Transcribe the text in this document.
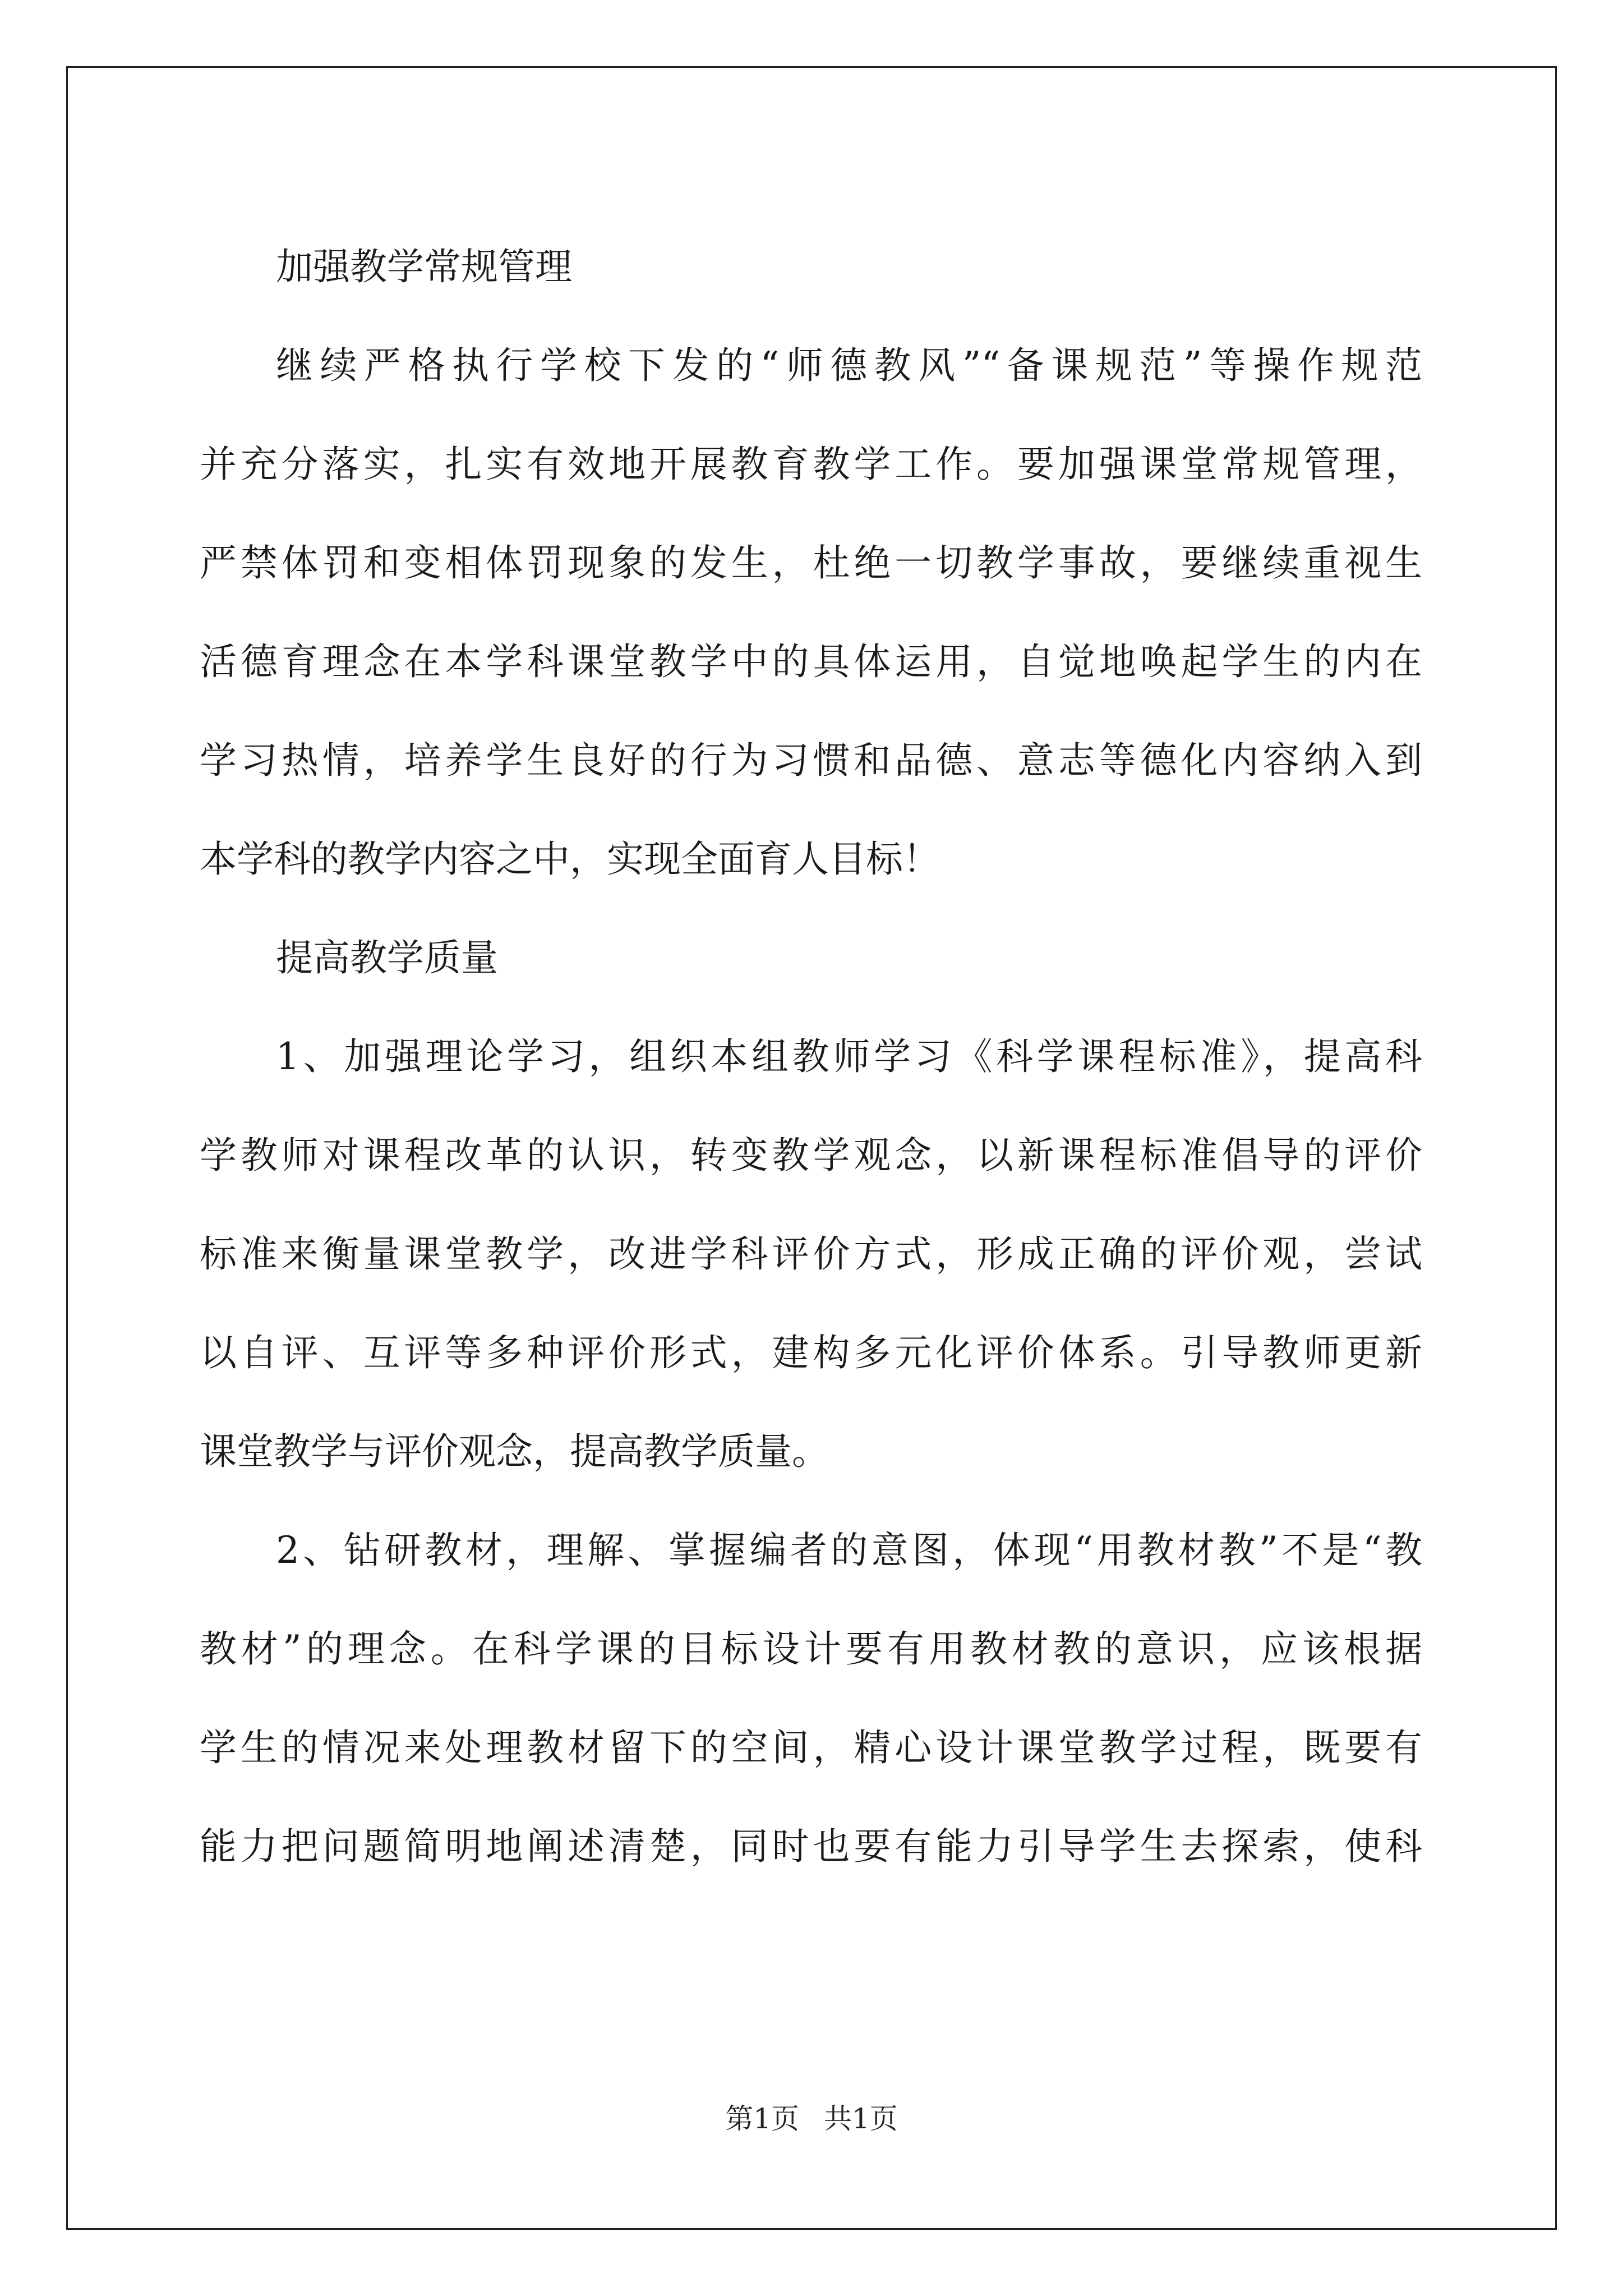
加强教学常规管理
继续严格执行学校下发的“师德教风”“备课规范”等操作规范
并充分落实，扎实有效地开展教育教学工作。要加强课堂常规管理，
严禁体罚和变相体罚现象的发生，杜绝一切教学事故，要继续重视生
活德育理念在本学科课堂教学中的具体运用，自觉地唤起学生的内在
学习热情，培养学生良好的行为习惯和品德、意志等德化内容纳入到
本学科的教学内容之中，实现全面育人目标！
提高教学质量
1、加强理论学习，组织本组教师学习《科学课程标准》，提高科
学教师对课程改革的认识，转变教学观念，以新课程标准倡导的评价
标准来衡量课堂教学，改进学科评价方式，形成正确的评价观，尝试
以自评、互评等多种评价形式，建构多元化评价体系。引导教师更新
课堂教学与评价观念，提高教学质量。
2、钻研教材，理解、掌握编者的意图，体现“用教材教”不是“教
教材”的理念。在科学课的目标设计要有用教材教的意识，应该根据
学生的情况来处理教材留下的空间，精心设计课堂教学过程，既要有
能力把问题简明地阐述清楚，同时也要有能力引导学生去探索，使科
第1页 共1页
